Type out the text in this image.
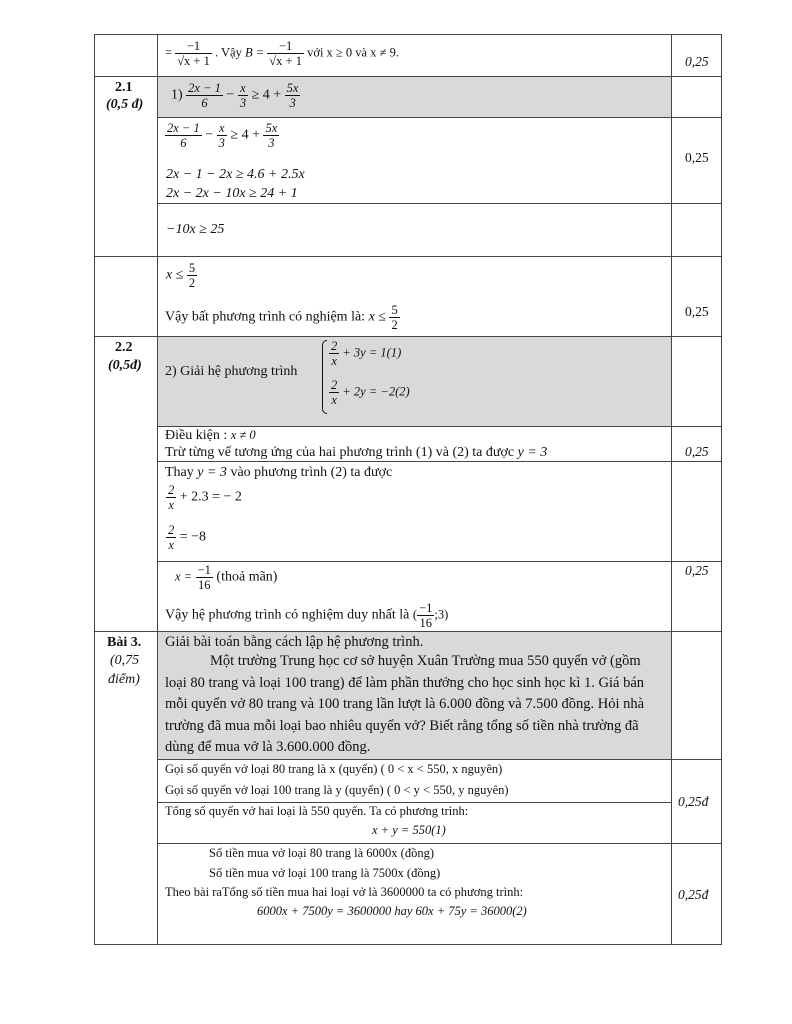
= $\frac{-1}{√x + 1}$ . Vậy $B = \frac{-1}{√x + 1}$ với x ≥ 0 và x ≠ 9.
0,25
2.1
(0,5 đ)
$1) \frac{2x - 1}{6} - \frac{x}{3} \ge 4 + \frac{5x}{3}$
$\frac{2x - 1}{6} - \frac{x}{3} \ge 4 + \frac{5x}{3}$
2x − 1 − 2x ≥ 4.6 + 2.5x
2x − 2x − 10x ≥ 24 + 1
−10x ≥ 25
$x \le \frac{5}{2}$
Vậy bất phương trình có nghiệm là: $x \le \frac{5}{2}$
0,25
0,25
2.2
(0,5đ) 2) Giải hệ phương trình
$\frac{2}{x} + 3y = 1(1)$
$\frac{2}{x} + 2y = -2(2)$
Điều kiện : x ≠ 0
Trừ từng vế tương ứng của hai phương trình (1) và (2) ta được y = 3
Thay y = 3 vào phương trình (2) ta được
$\frac{2}{x} + 2.3$ = − 2
$\frac{2}{x} = -8$
$x = \frac{-1}{16}$ (thoả mãn)
Vậy hệ phương trình có nghiệm duy nhất là ( $\frac{-1}{16}$ ;3)
0,25
0,25
Bài 3.
(0,75
điểm)
Giải bài toán bằng cách lập hệ phương trình.
Một trường Trung học cơ sở huyện Xuân Trường mua 550 quyển vở (gồm loại 80 trang và loại 100 trang) để làm phần thưởng cho học sinh học kì 1. Giá bán mỗi quyển vở 80 trang và 100 trang lần lượt là 6.000 đồng và 7.500 đồng. Hỏi nhà trường đã mua mỗi loại bao nhiêu quyển vở? Biết rằng tổng số tiền nhà trường đã dùng để mua vở là 3.600.000 đồng.
Gọi số quyển vở loại 80 trang là x (quyển) ( 0 < x < 550, x nguyên)
Gọi số quyển vở loại 100 trang là y (quyển) ( 0 < y < 550, y nguyên)
Tổng số quyển vở hai loại là 550 quyển. Ta có phương trình:
x + y = 550(1)
Số tiền mua vở loại 80 trang là 6000x (đồng)
Số tiền mua vở loại 100 trang là 7500x (đồng)
Theo bài raTổng số tiền mua hai loại vở là 3600000 ta có phương trình:
6000x + 7500y = 3600000 hay 60x + 75y = 36000(2)
0,25đ
0,25đ
